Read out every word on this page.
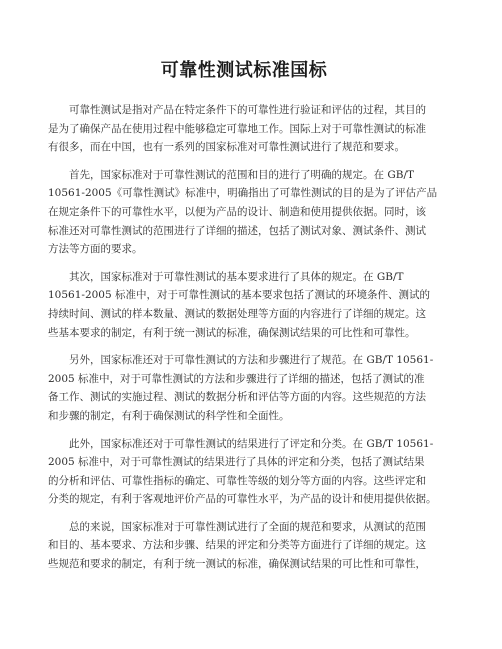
可靠性测试标准国标
可靠性测试是指对产品在特定条件下的可靠性进行验证和评估的过程，其目的
是为了确保产品在使用过程中能够稳定可靠地工作。国际上对于可靠性测试的标准
有很多，而在中国，也有一系列的国家标准对可靠性测试进行了规范和要求。
首先，国家标准对于可靠性测试的范围和目的进行了明确的规定。在 GB/T
10561-2005《可靠性测试》标准中，明确指出了可靠性测试的目的是为了评估产品
在规定条件下的可靠性水平，以便为产品的设计、制造和使用提供依据。同时，该
标准还对可靠性测试的范围进行了详细的描述，包括了测试对象、测试条件、测试
方法等方面的要求。
其次，国家标准对于可靠性测试的基本要求进行了具体的规定。在 GB/T
10561-2005 标准中，对于可靠性测试的基本要求包括了测试的环境条件、测试的
持续时间、测试的样本数量、测试的数据处理等方面的内容进行了详细的规定。这
些基本要求的制定，有利于统一测试的标准，确保测试结果的可比性和可靠性。
另外，国家标准还对于可靠性测试的方法和步骤进行了规范。在 GB/T 10561-
2005 标准中，对于可靠性测试的方法和步骤进行了详细的描述，包括了测试的准
备工作、测试的实施过程、测试的数据分析和评估等方面的内容。这些规范的方法
和步骤的制定，有利于确保测试的科学性和全面性。
此外，国家标准还对于可靠性测试的结果进行了评定和分类。在 GB/T 10561-
2005 标准中，对于可靠性测试的结果进行了具体的评定和分类，包括了测试结果
的分析和评估、可靠性指标的确定、可靠性等级的划分等方面的内容。这些评定和
分类的规定，有利于客观地评价产品的可靠性水平，为产品的设计和使用提供依据。
总的来说，国家标准对于可靠性测试进行了全面的规范和要求，从测试的范围
和目的、基本要求、方法和步骤、结果的评定和分类等方面进行了详细的规定。这
些规范和要求的制定，有利于统一测试的标准，确保测试结果的可比性和可靠性，
